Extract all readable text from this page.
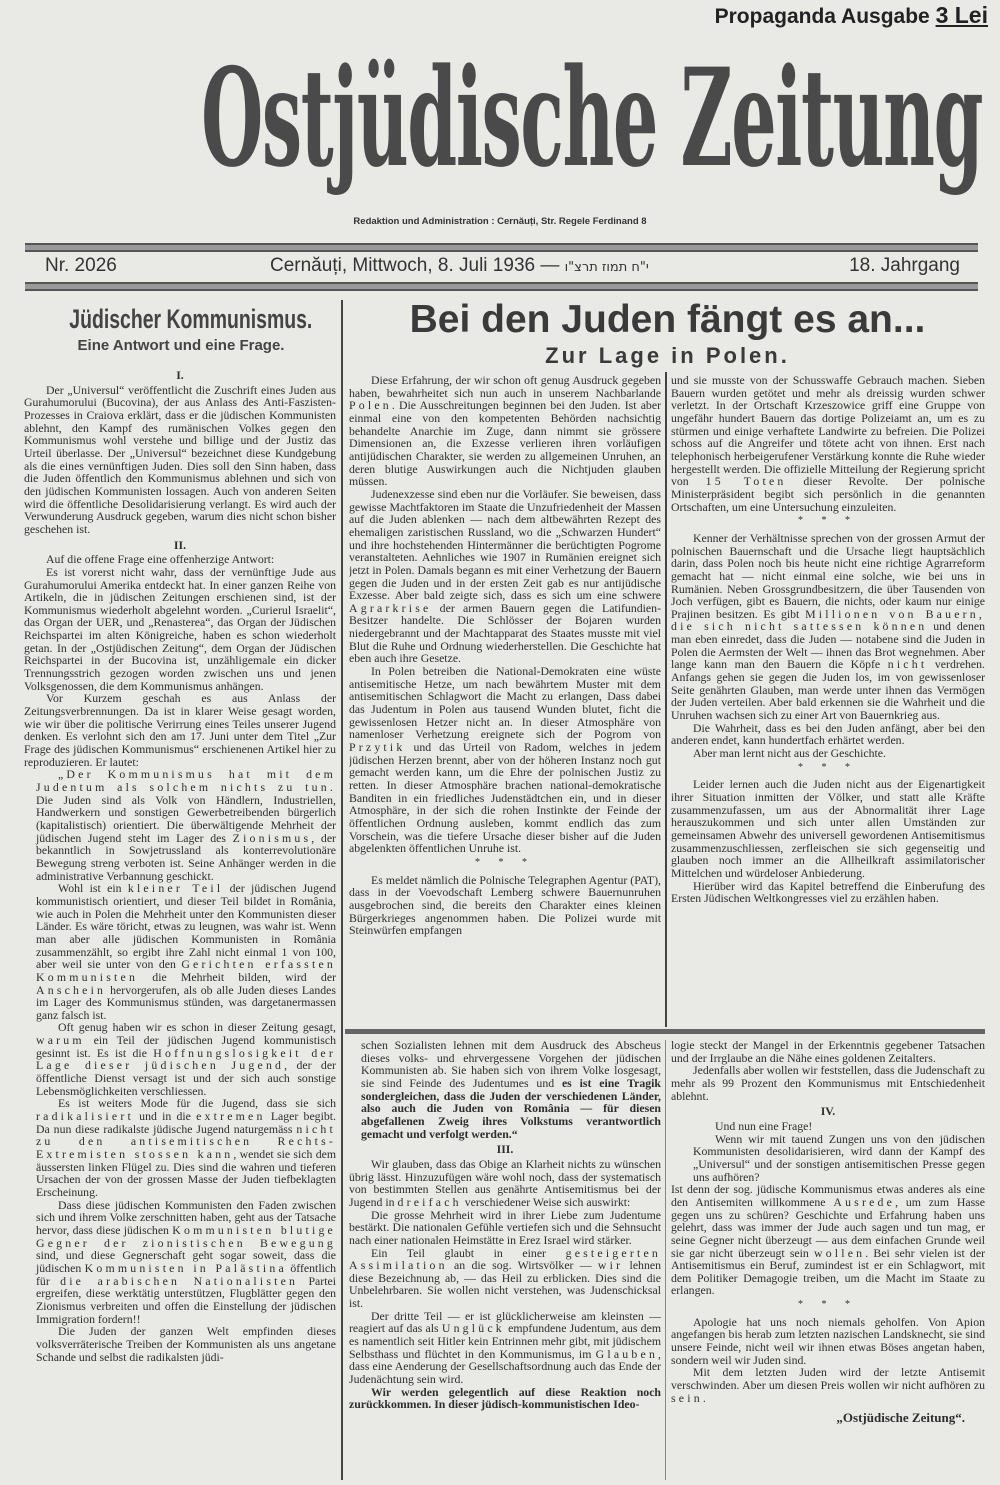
Propaganda Ausgabe 3 Lei
Ostjüdische Zeitung
Redaktion und Administration : Cernăuți, Str. Regele Ferdinand 8
Nr. 2026	Cernăuți, Mittwoch, 8. Juli 1936 — י"ח תמוז תרצ"ו	18. Jahrgang
Jüdischer Kommunismus.
Eine Antwort und eine Frage.
Bei den Juden fängt es an...
Zur Lage in Polen.
I.

Der „Universul“ veröffentlicht die Zuschrift eines Juden aus Gurahumorului (Bucovina), der aus Anlass des Anti-Faszisten-Prozesses in Craiova erklärt, dass er die jüdischen Kommunisten ablehnt, den Kampf des rumänischen Volkes gegen den Kommunismus wohl verstehe und billige und der Justiz das Urteil überlasse. Der „Universul“ bezeichnet diese Kundgebung als die eines vernünftigen Juden. Dies soll den Sinn haben, dass die Juden öffentlich den Kommunismus ablehnen und sich von den jüdischen Kommunisten lossagen. Auch von anderen Seiten wird die öffentliche Desolidarisierung verlangt. Es wird auch der Verwunderung Ausdruck gegeben, warum dies nicht schon bisher geschehen ist.

II.

Auf die offene Frage eine offenherzige Antwort:

Es ist vorerst nicht wahr, dass der vernünftige Jude aus Gurahumorului Amerika entdeckt hat. In einer ganzen Reihe von Artikeln, die in jüdischen Zeitungen erschienen sind, ist der Kommunismus wiederholt abgelehnt worden. „Curierul Israelit“, das Organ der UER, und „Renasterea“, das Organ der Jüdischen Reichspartei im alten Königreiche, haben es schon wiederholt getan. In der „Ostjüdischen Zeitung“, dem Organ der Jüdischen Reichspartei in der Bucovina ist, unzähligemale ein dicker Trennungsstrich gezogen worden zwischen uns und jenen Volksgenossen, die dem Kommunismus anhängen.

Vor Kurzem geschah es aus Anlass der Zeitungsverbrennungen. Da ist in klarer Weise gesagt worden, wie wir über die politische Verirrung eines Teiles unserer Jugend denken. Es verlohnt sich den am 17. Juni unter dem Titel „Zur Frage des jüdischen Kommunismus“ erschienenen Artikel hier zu reproduzieren. Er lautet:

„Der Kommunismus hat mit dem Judentum als solchem nichts zu tun. Die Juden sind als Volk von Händlern, Industriellen, Handwerkern und sonstigen Gewerbetreibenden bürgerlich (kapitalistisch) orientiert. Die überwältigende Mehrheit der jüdischen Jugend steht im Lager des Zionismus, der bekanntlich in Sowjetrussland als konterrevolutionäre Bewegung streng verboten ist. Seine Anhänger werden in die administrative Verbannung geschickt.

Wohl ist ein kleiner Teil der jüdischen Jugend kommunistisch orientiert, und dieser Teil bildet in România, wie auch in Polen die Mehrheit unter den Kommunisten dieser Länder. Es wäre töricht, etwas zu leugnen, was wahr ist. Wenn man aber alle jüdischen Kommunisten in România zusammenzählt, so ergibt ihre Zahl nicht einmal 1 von 100, aber weil sie unter von den Gerichten erfassten Kommunisten die Mehrheit bilden, wird der Anschein hervorgerufen, als ob alle Juden dieses Landes im Lager des Kommunismus stünden, was dargetanermassen ganz falsch ist.

Oft genug haben wir es schon in dieser Zeitung gesagt, warum ein Teil der jüdischen Jugend kommunistisch gesinnt ist. Es ist die Hoffnungslosigkeit der Lage dieser jüdischen Jugend, der der öffentliche Dienst versagt ist und der sich auch sonstige Lebensmöglichkeiten verschliessen.

Es ist weiters Mode für die Jugend, dass sie sich radikalisiert und in die extremen Lager begibt. Da nun diese radikalste jüdische Jugend naturgemäss nicht zu den antisemitischen Rechts-Extremisten stossen kann, wendet sie sich dem äussersten linken Flügel zu. Dies sind die wahren und tieferen Ursachen der von der grossen Masse der Juden tiefbeklagten Erscheinung.

Dass diese jüdischen Kommunisten den Faden zwischen sich und ihrem Volke zerschnitten haben, geht aus der Tatsache hervor, dass diese jüdischen Kommunisten blutige Gegner der zionistischen Bewegung sind, und diese Gegnerschaft geht sogar soweit, dass die jüdischen Kommunisten in Palästina öffentlich für die arabischen Nationalisten Partei ergreifen, diese werktätig unterstützen, Flugblätter gegen den Zionismus verbreiten und offen die Einstellung der jüdischen Immigration fordern!!

Die Juden der ganzen Welt empfinden dieses volksverräterische Treiben der Kommunisten als uns angetane Schande und selbst die radikalsten jüdi-

Diese Erfahrung, der wir schon oft genug Ausdruck gegeben haben, bewahrheitet sich nun auch in unserem Nachbarlande Polen. Die Ausschreitungen beginnen bei den Juden. Ist aber einmal eine von den kompetenten Behörden nachsichtig behandelte Anarchie im Zuge, dann nimmt sie grössere Dimensionen an, die Exzesse verlieren ihren vorläufigen antijüdischen Charakter, sie werden zu allgemeinen Unruhen, an deren blutige Auswirkungen auch die Nichtjuden glauben müssen.

Judenexzesse sind eben nur die Vorläufer. Sie beweisen, dass gewisse Machtfaktoren im Staate die Unzufriedenheit der Massen auf die Juden ablenken — nach dem altbewährten Rezept des ehemaligen zaristischen Russland, wo die „Schwarzen Hundert“ und ihre hochstehenden Hintermänner die berüchtigten Pogrome veranstalteten. Aehnliches wie 1907 in Rumänien ereignet sich jetzt in Polen. Damals begann es mit einer Verhetzung der Bauern gegen die Juden und in der ersten Zeit gab es nur antijüdische Exzesse. Aber bald zeigte sich, dass es sich um eine schwere Agrarkrise der armen Bauern gegen die Latifundien-Besitzer handelte. Die Schlösser der Bojaren wurden niedergebrannt und der Machtapparat des Staates musste mit viel Blut die Ruhe und Ordnung wiederherstellen. Die Geschichte hat eben auch ihre Gesetze.

In Polen betreiben die National-Demokraten eine wüste antisemitische Hetze, um nach bewährtem Muster mit dem antisemitischen Schlagwort die Macht zu erlangen, Dass dabei das Judentum in Polen aus tausend Wunden blutet, ficht die gewissenlosen Hetzer nicht an. In dieser Atmosphäre von namenloser Verhetzung ereignete sich der Pogrom von Przytik und das Urteil von Radom, welches in jedem jüdischen Herzen brennt, aber von der höheren Instanz noch gut gemacht werden kann, um die Ehre der polnischen Justiz zu retten. In dieser Atmosphäre brachen national-demokratische Banditen in ein friedliches Judenstädtchen ein, und in dieser Atmosphäre, in der sich die rohen Instinkte der Feinde der öffentlichen Ordnung ausleben, kommt endlich das zum Vorschein, was die tiefere Ursache dieser bisher auf die Juden abgelenkten öffentlichen Unruhe ist.

* * *

Es meldet nämlich die Polnische Telegraphen Agentur (PAT), dass in der Voevodschaft Lemberg schwere Bauernunruhen ausgebrochen sind, die bereits den Charakter eines kleinen Bürgerkrieges angenommen haben. Die Polizei wurde mit Steinwürfen empfangen

und sie musste von der Schusswaffe Gebrauch machen. Sieben Bauern wurden getötet und mehr als dreissig wurden schwer verletzt. In der Ortschaft Krzeszowice griff eine Gruppe von ungefähr hundert Bauern das dortige Polizeiamt an, um es zu stürmen und einige verhaftete Landwirte zu befreien. Die Polizei schoss auf die Angreifer und tötete acht von ihnen. Erst nach telephonisch herbeigerufener Verstärkung konnte die Ruhe wieder hergestellt werden. Die offizielle Mitteilung der Regierung spricht von 15 Toten dieser Revolte. Der polnische Ministerpräsident begibt sich persönlich in die genannten Ortschaften, um eine Untersuchung einzuleiten.

* * *

Kenner der Verhältnisse sprechen von der grossen Armut der polnischen Bauernschaft und die Ursache liegt hauptsächlich darin, dass Polen noch bis heute nicht eine richtige Agrarreform gemacht hat — nicht einmal eine solche, wie bei uns in Rumänien. Neben Grossgrundbesitzern, die über Tausenden von Joch verfügen, gibt es Bauern, die nichts, oder kaum nur einige Prajinen besitzen. Es gibt Millionen von Bauern, die sich nicht sattessen können und denen man eben einredet, dass die Juden — notabene sind die Juden in Polen die Aermsten der Welt — ihnen das Brot wegnehmen. Aber lange kann man den Bauern die Köpfe nicht verdrehen. Anfangs gehen sie gegen die Juden los, im von gewissenloser Seite genährten Glauben, man werde unter ihnen das Vermögen der Juden verteilen. Aber bald erkennen sie die Wahrheit und die Unruhen wachsen sich zu einer Art von Bauernkrieg aus.

Die Wahrheit, dass es bei den Juden anfängt, aber bei den anderen endet, kann hundertfach erhärtet werden.

Aber man lernt nicht aus der Geschichte.

* * *

Leider lernen auch die Juden nicht aus der Eigenartigkeit ihrer Situation inmitten der Völker, und statt alle Kräfte zusammenzufassen, um aus der Abnormalität ihrer Lage herauszukommen und sich unter allen Umständen zur gemeinsamen Abwehr des universell gewordenen Antisemitismus zusammenzuschliessen, zerfleischen sie sich gegenseitig und glauben noch immer an die Allheilkraft assimilatorischer Mittelchen und würdeloser Anbiederung.

Hierüber wird das Kapitel betreffend die Einberufung des Ersten Jüdischen Weltkongresses viel zu erzählen haben.

schen Sozialisten lehnen mit dem Ausdruck des Abscheus dieses volks- und ehrvergessene Vorgehen der jüdischen Kommunisten ab. Sie haben sich von ihrem Volke losgesagt, sie sind Feinde des Judentumes und es ist eine Tragik sondergleichen, dass die Juden der verschiedenen Länder, also auch die Juden von România — für diesen abgefallenen Zweig ihres Volkstums verantwortlich gemacht und verfolgt werden.“

III.

Wir glauben, dass das Obige an Klarheit nichts zu wünschen übrig lässt. Hinzuzufügen wäre wohl noch, dass der systematisch von bestimmten Stellen aus genährte Antisemitismus bei der Jugend in dreifach verschiedener Weise sich auswirkt:

Die grosse Mehrheit wird in ihrer Liebe zum Judentume bestärkt. Die nationalen Gefühle vertiefen sich und die Sehnsucht nach einer nationalen Heimstätte in Erez Israel wird stärker.

Ein Teil glaubt in einer gesteigerten Assimilation an die sog. Wirtsvölker — wir lehnen diese Bezeichnung ab, — das Heil zu erblicken. Dies sind die Unbelehrbaren. Sie wollen nicht verstehen, was Judenschicksal ist.

Der dritte Teil — er ist glücklicherweise am kleinsten — reagiert auf das als Unglück empfundene Judentum, aus dem es namentlich seit Hitler kein Entrinnen mehr gibt, mit jüdischem Selbsthass und flüchtet in den Kommunismus, im Glauben, dass eine Aenderung der Gesellschaftsordnung auch das Ende der Judenächtung sein wird.

Wir werden gelegentlich auf diese Reaktion noch zurückkommen. In dieser jüdisch-kommunistischen Ideo-

logie steckt der Mangel in der Erkenntnis gegebener Tatsachen und der Irrglaube an die Nähe eines goldenen Zeitalters.

Jedenfalls aber wollen wir feststellen, dass die Judenschaft zu mehr als 99 Prozent den Kommunismus mit Entschiedenheit ablehnt.

IV.

Und nun eine Frage!

Wenn wir mit tauend Zungen uns von den jüdischen Kommunisten desolidarisieren, wird dann der Kampf des „Universul“ und der sonstigen antisemitischen Presse gegen uns aufhören?

Ist denn der sog. jüdische Kommunismus etwas anderes als eine den Antisemiten willkommene Ausrede, um zum Hasse gegen uns zu schüren? Geschichte und Erfahrung haben uns gelehrt, dass was immer der Jude auch sagen und tun mag, er seine Gegner nicht überzeugt — aus dem einfachen Grunde weil sie gar nicht überzeugt sein wollen. Bei sehr vielen ist der Antisemitismus ein Beruf, zumindest ist er ein Schlagwort, mit dem Politiker Demagogie treiben, um die Macht im Staate zu erlangen.

* * *

Apologie hat uns noch niemals geholfen. Von Apion angefangen bis herab zum letzten nazischen Landsknecht, sie sind unsere Feinde, nicht weil wir ihnen etwas Böses angetan haben, sondern weil wir Juden sind.

Mit dem letzten Juden wird der letzte Antisemit verschwinden. Aber um diesen Preis wollen wir nicht aufhören zu sein.

„Ostjüdische Zeitung“.
